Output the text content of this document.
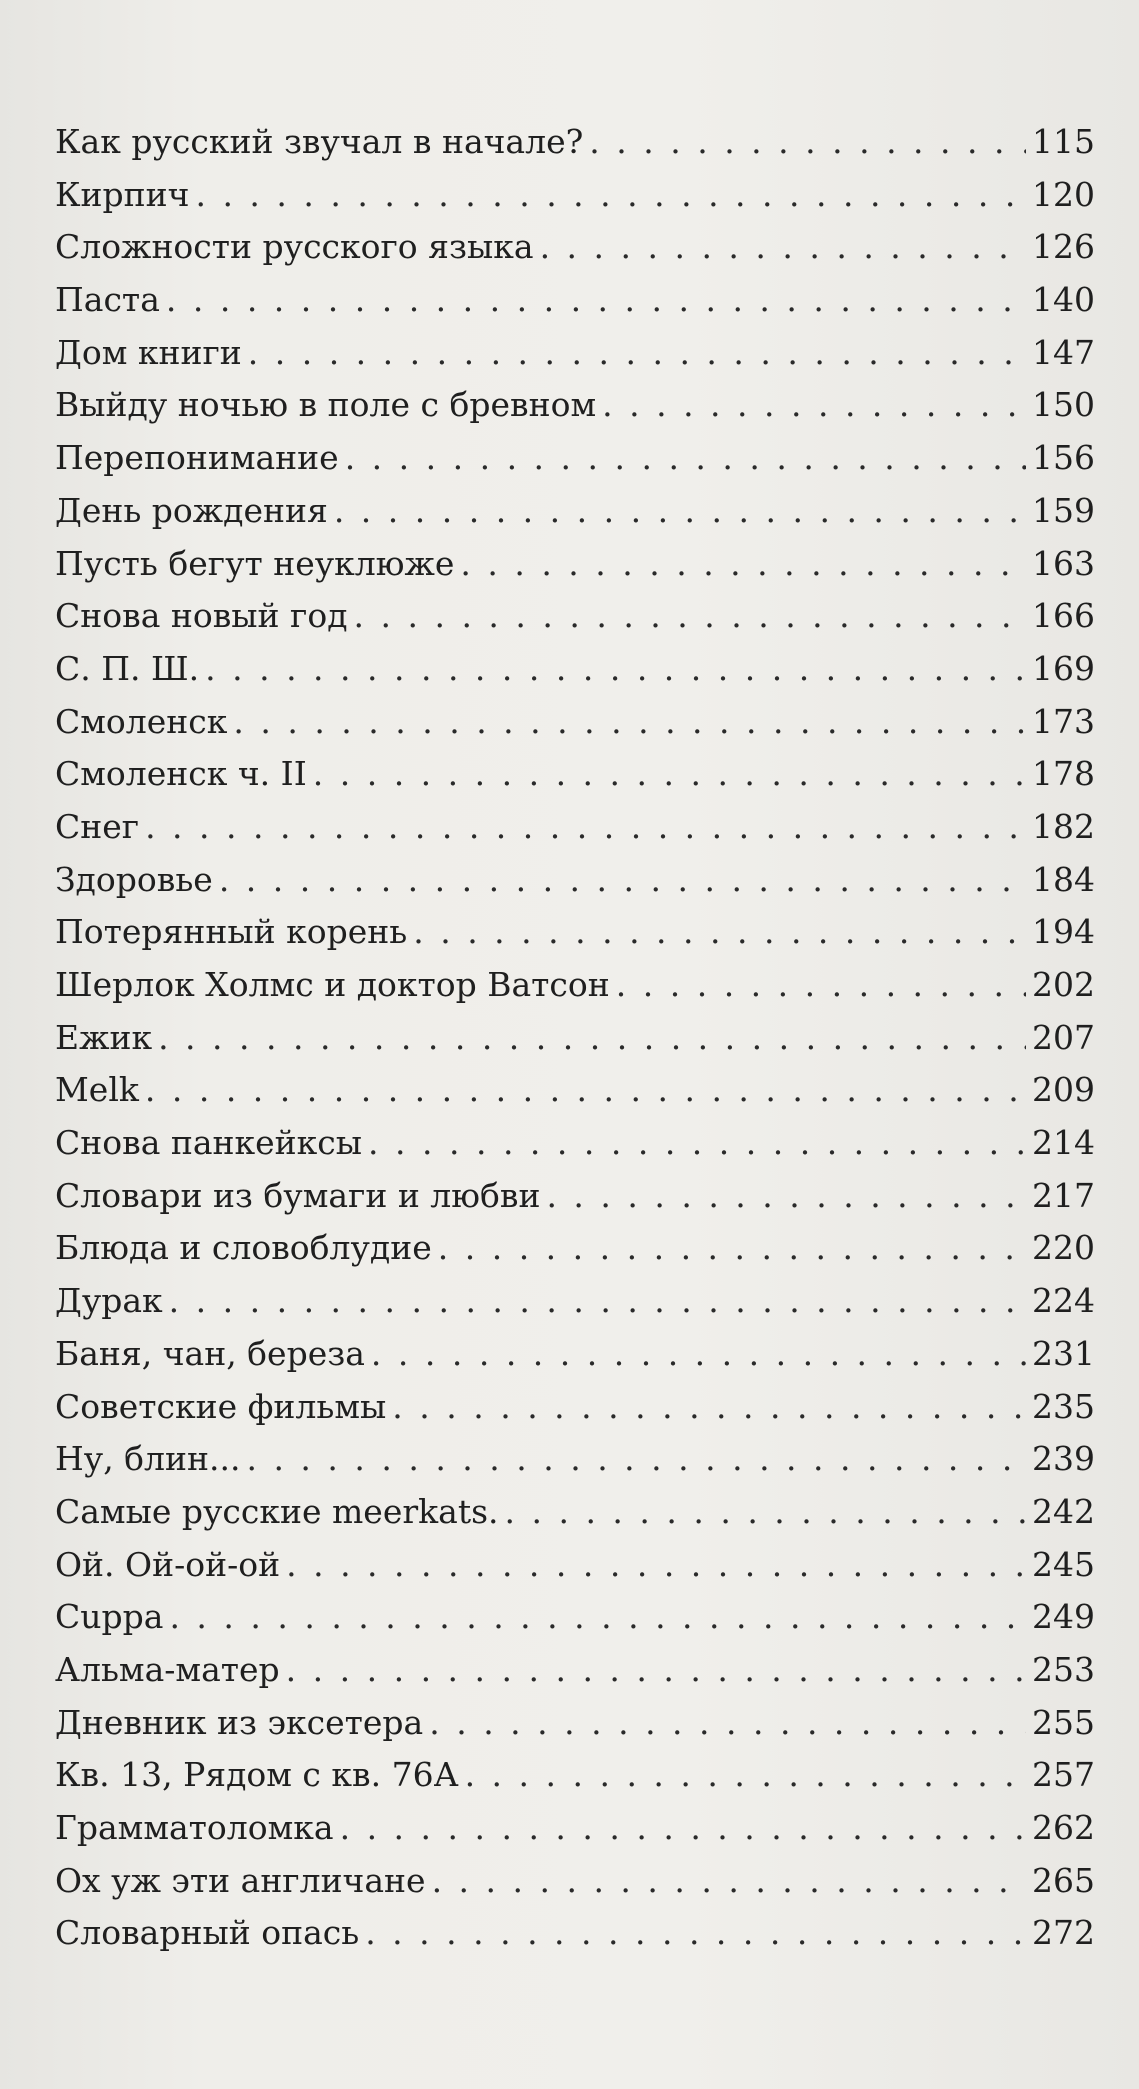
Как русский звучал в начале? . . .	115
Кирпич . . .	120
Сложности русского языка . . .	126
Паста . . .	140
Дом книги . . .	147
Выйду ночью в поле с бревном . . .	150
Перепонимание . . .	156
День рождения . . .	159
Пусть бегут неуклюже . . .	163
Снова новый год . . .	166
С. П. Ш. . . .	169
Смоленск . . .	173
Смоленск ч. II . . .	178
Снег . . .	182
Здоровье . . .	184
Потерянный корень . . .	194
Шерлок Холмс и доктор Ватсон . . .	202
Ежик . . .	207
Melk . . .	209
Снова панкейксы . . .	214
Словари из бумаги и любви . . .	217
Блюда и словоблудие . . .	220
Дурак . . .	224
Баня, чан, береза . . .	231
Советские фильмы . . .	235
Ну, блин... . . .	239
Самые русские meerkats. . . .	242
Ой. Ой-ой-ой . . .	245
Cuppa . . .	249
Альма-матер . . .	253
Дневник из эксетера . . .	255
Кв. 13, Рядом с кв. 76А . . .	257
Грамматоломка . . .	262
Ох уж эти англичане . . .	265
Словарный опась . . .	272
